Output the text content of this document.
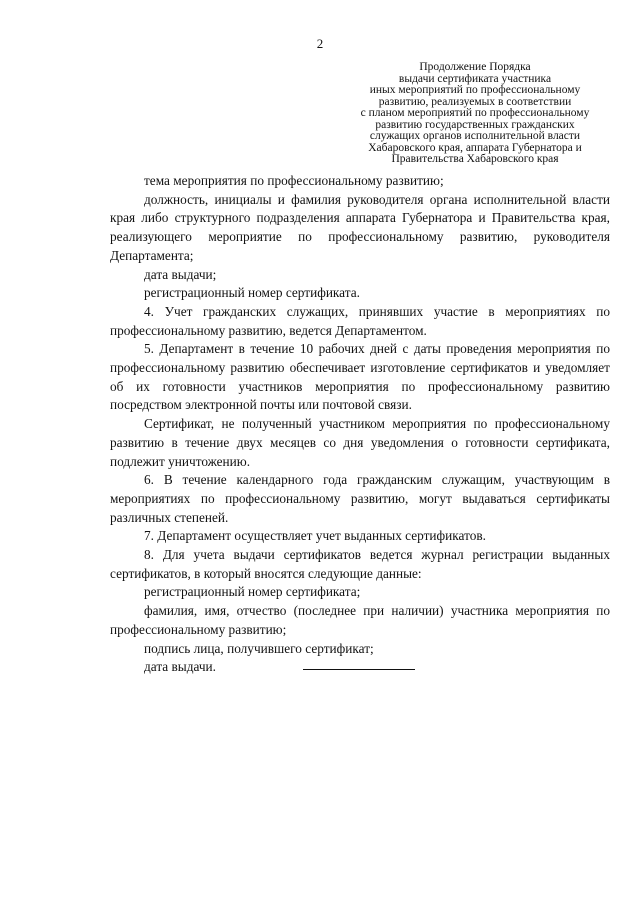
2
Продолжение Порядка
выдачи сертификата участника
иных мероприятий по профессиональному
развитию, реализуемых в соответствии
с планом мероприятий по профессиональному
развитию государственных гражданских
служащих органов исполнительной власти
Хабаровского края, аппарата Губернатора и
Правительства Хабаровского края

тема мероприятия по профессиональному развитию;

должность, инициалы и фамилия руководителя органа исполнительной власти края либо структурного подразделения аппарата Губернатора и Правительства края, реализующего мероприятие по профессиональному развитию, руководителя Департамента;

дата выдачи;

регистрационный номер сертификата.

4. Учет гражданских служащих, принявших участие в мероприятиях по профессиональному развитию, ведется Департаментом.

5. Департамент в течение 10 рабочих дней с даты проведения мероприятия по профессиональному развитию обеспечивает изготовление сертификатов и уведомляет об их готовности участников мероприятия по профессиональному развитию посредством электронной почты или почтовой связи.

Сертификат, не полученный участником мероприятия по профессиональному развитию в течение двух месяцев со дня уведомления о готовности сертификата, подлежит уничтожению.

6. В течение календарного года гражданским служащим, участвующим в мероприятиях по профессиональному развитию, могут выдаваться сертификаты различных степеней.

7. Департамент осуществляет учет выданных сертификатов.

8. Для учета выдачи сертификатов ведется журнал регистрации выданных сертификатов, в который вносятся следующие данные:

регистрационный номер сертификата;

фамилия, имя, отчество (последнее при наличии) участника мероприятия по профессиональному развитию;

подпись лица, получившего сертификат;

дата выдачи.
